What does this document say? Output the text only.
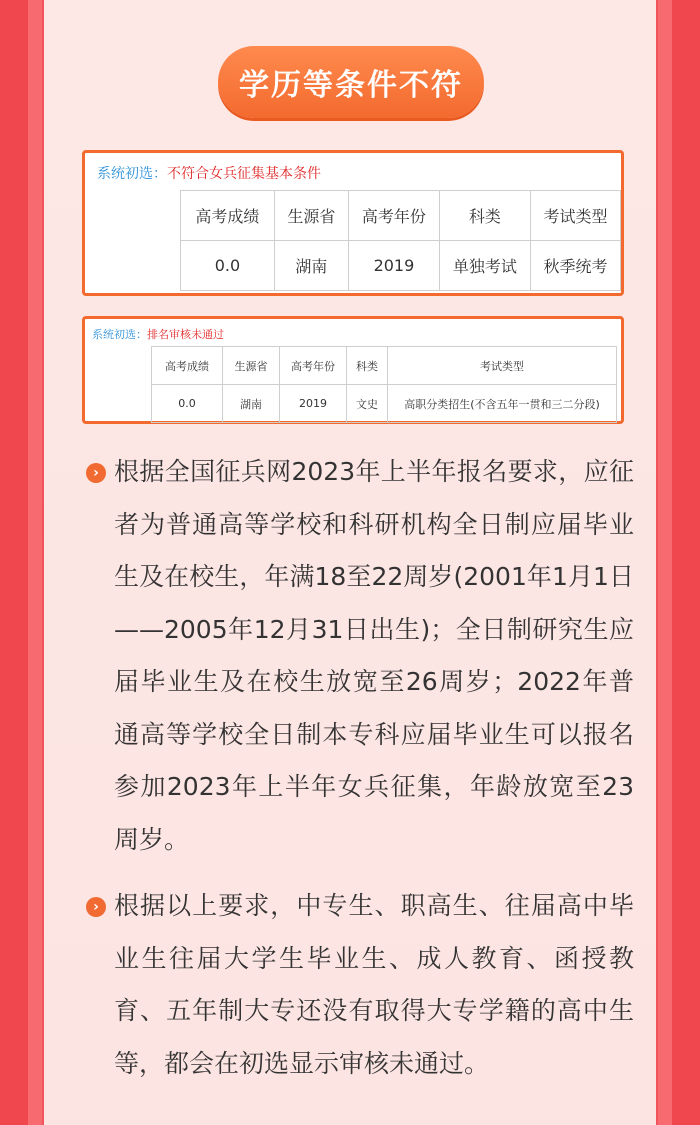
学历等条件不符
系统初选：不符合女兵征集基本条件
高考成绩	生源省	高考年份	科类	考试类型
0.0	湖南	2019	单独考试	秋季统考
系统初选：排名审核未通过
高考成绩	生源省	高考年份	科类	考试类型
0.0	湖南	2019	文史	高职分类招生(不含五年一贯和三二分段)
› 根据全国征兵网2023年上半年报名要求，应征者为普通高等学校和科研机构全日制应届毕业生及在校生，年满18至22周岁(2001年1月1日——2005年12月31日出生)；全日制研究生应届毕业生及在校生放宽至26周岁；2022年普通高等学校全日制本专科应届毕业生可以报名参加2023年上半年女兵征集，年龄放宽至23周岁。
› 根据以上要求，中专生、职高生、往届高中毕业生往届大学生毕业生、成人教育、函授教育、五年制大专还没有取得大专学籍的高中生等，都会在初选显示审核未通过。
